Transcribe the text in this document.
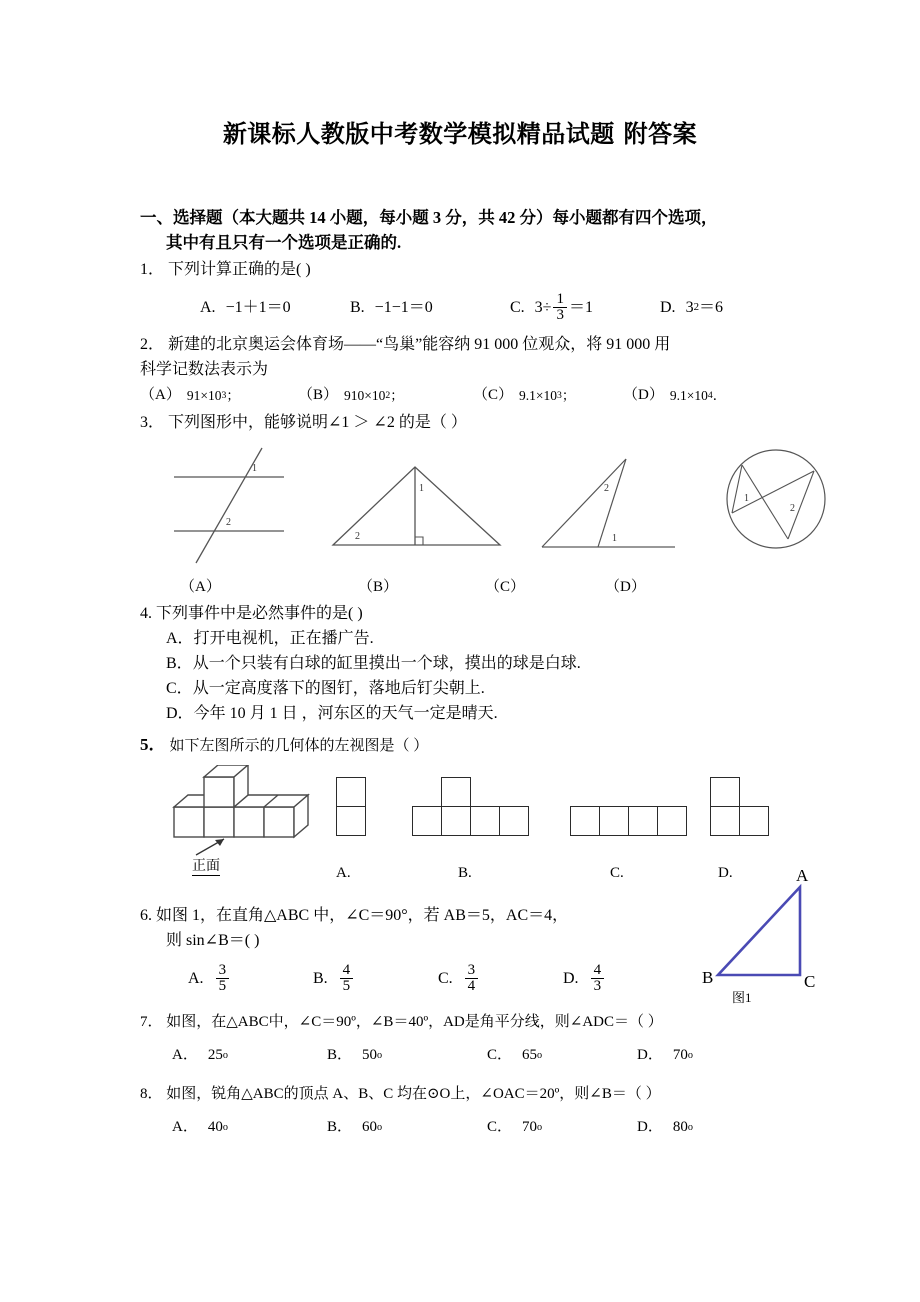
新课标人教版中考数学模拟精品试题 附答案
一、选择题（本大题共 14 小题，每小题 3 分，共 42 分）每小题都有四个选项，
其中有且只有一个选项是正确的.
1． 下列计算正确的是( )
A. −1＋1＝0	B. −1−1＝0	C. $3\div \frac{1}{3} =1$	D. 3 2 ＝6
2． 新建的北京奥运会体育场——“鸟巢”能容纳 91 000 位观众，将 91 000 用
科学记数法表示为
（A） 91×10 3 ；	（B） 910×10 2 ；	（C） 9.1×10 3 ；	（D） 9.1×10 4 ．
3． 下列图形中，能够说明∠1 ＞ ∠2 的是（ ）
1
2
1
2
2
1
1
2
（A）	（B）	（C）	（D）
4. 下列事件中是必然事件的是( )
A．打开电视机，正在播广告.
B．从一个只装有白球的缸里摸出一个球，摸出的球是白球.
C．从一定高度落下的图钉，落地后钉尖朝上.
D．今年 10 月 1 日 ，河东区的天气一定是晴天.
5． 如下左图所示的几何体的左视图是（ ）
正面	A.	B.	C.	D.
6. 如图 1，在直角△ABC 中，∠C＝90°，若 AB＝5，AC＝4，
则 sin∠B＝( )
A. $\frac{3}{5}$	B. $\frac{4}{5}$	C. $\frac{3}{4}$	D. $\frac{4}{3}$
7． 如图，在△ABC中，∠C＝90º，∠B＝40º，AD是角平分线，则∠ADC＝（ ）
A． 25 o	B． 50 o	C． 65 o	D． 70 o
8． 如图，锐角△ABC的顶点 A、B、C 均在⊙O上，∠OAC＝20º，则∠B＝（ ）
A． 40 o	B． 60 o	C． 70 o	D． 80 o
A
B	C
图1
